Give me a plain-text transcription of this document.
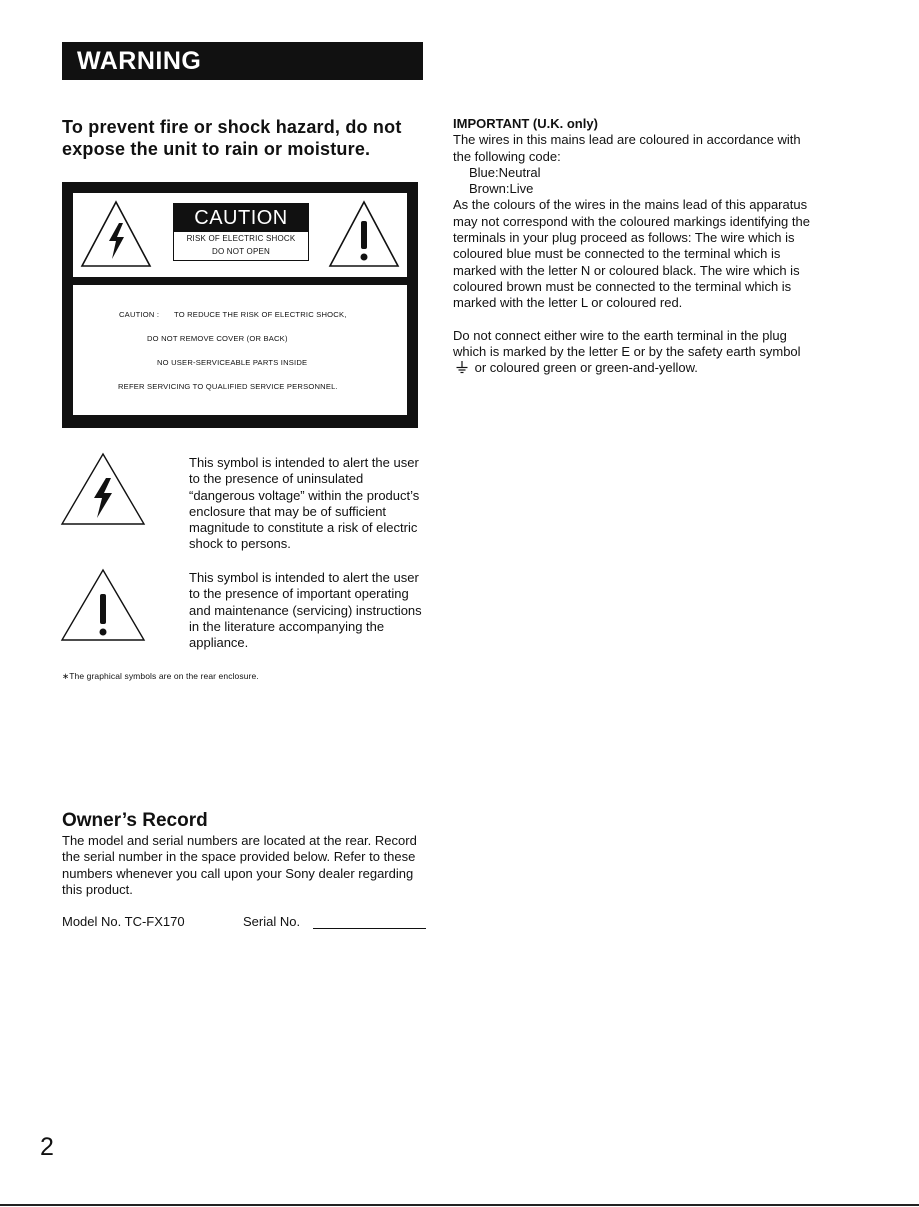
WARNING
To prevent fire or shock hazard, do not expose the unit to rain or moisture.
CAUTION
RISK OF ELECTRIC SHOCK
DO NOT OPEN
CAUTION : TO REDUCE THE RISK OF ELECTRIC SHOCK,
DO NOT REMOVE COVER (OR BACK)
NO USER-SERVICEABLE PARTS INSIDE
REFER SERVICING TO QUALIFIED SERVICE PERSONNEL.
This symbol is intended to alert the user to the presence of uninsulated “dangerous voltage” within the product’s enclosure that may be of sufficient magnitude to constitute a risk of electric shock to persons.
This symbol is intended to alert the user to the presence of important operating and maintenance (servicing) instructions in the literature accompanying the appliance.
∗The graphical symbols are on the rear enclosure.
Owner’s Record
The model and serial numbers are located at the rear. Record the serial number in the space provided below. Refer to these numbers whenever you call upon your Sony dealer regarding this product.
Model No. TC-FX170	Serial No.
IMPORTANT (U.K. only)
The wires in this mains lead are coloured in accordance with the following code:
Blue:Neutral
Brown:Live
As the colours of the wires in the mains lead of this apparatus may not correspond with the coloured markings identifying the terminals in your plug proceed as follows: The wire which is coloured blue must be connected to the terminal which is marked with the letter N or coloured black. The wire which is coloured brown must be connected to the terminal which is marked with the letter L or coloured red.
Do not connect either wire to the earth terminal in the plug which is marked by the letter E or by the safety earth symbol  or coloured green or green-and-yellow.
2
